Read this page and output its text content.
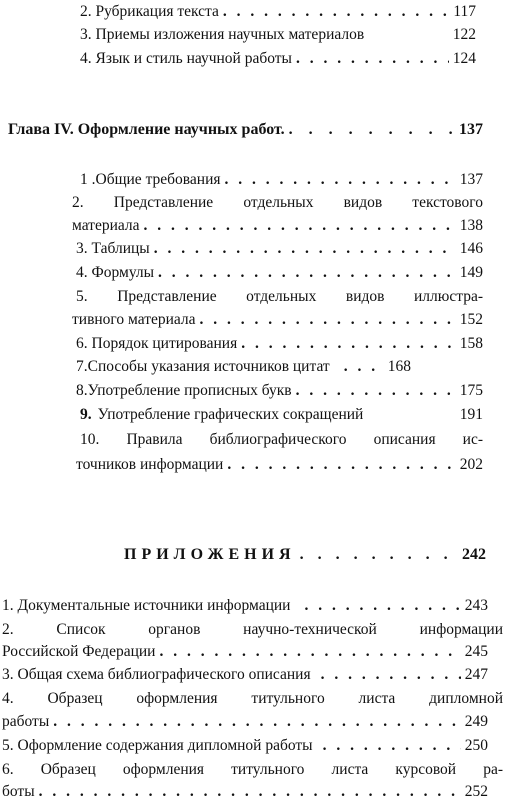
2. Рубрикация текста . . .	117
3. Приемы изложения научных материалов	122
4. Язык и стиль научной работы . . .	124
Глава IV. Оформление научных работ. . . .	137
1 .Общие требования . . .	137
2. Представление отдельных видов текстового
материала . . .	138
3. Таблицы . . .	146
4. Формулы . . .	149
5. Представление отдельных видов иллюстра-
тивного материала . . .	152
6. Порядок цитирования . . .	158
7.Способы указания источников цитат . . .	168
8.Употребление прописных букв . . .	175
9. Употребление графических сокращений	191
10. Правила библиографического описания ис-
точников информации . . .	202
ПРИЛОЖЕНИЯ . . .	242
1. Документальные источники информации . . .	243
2. Список органов научно-технической информации
Российской Федерации . . .	245
3. Общая схема библиографического описания . . .	247
4. Образец оформления титульного листа дипломной
работы . . .	249
5. Оформление содержания дипломной работы . . .	250
6. Образец оформления титульного листа курсовой ра-
боты . . .	252
